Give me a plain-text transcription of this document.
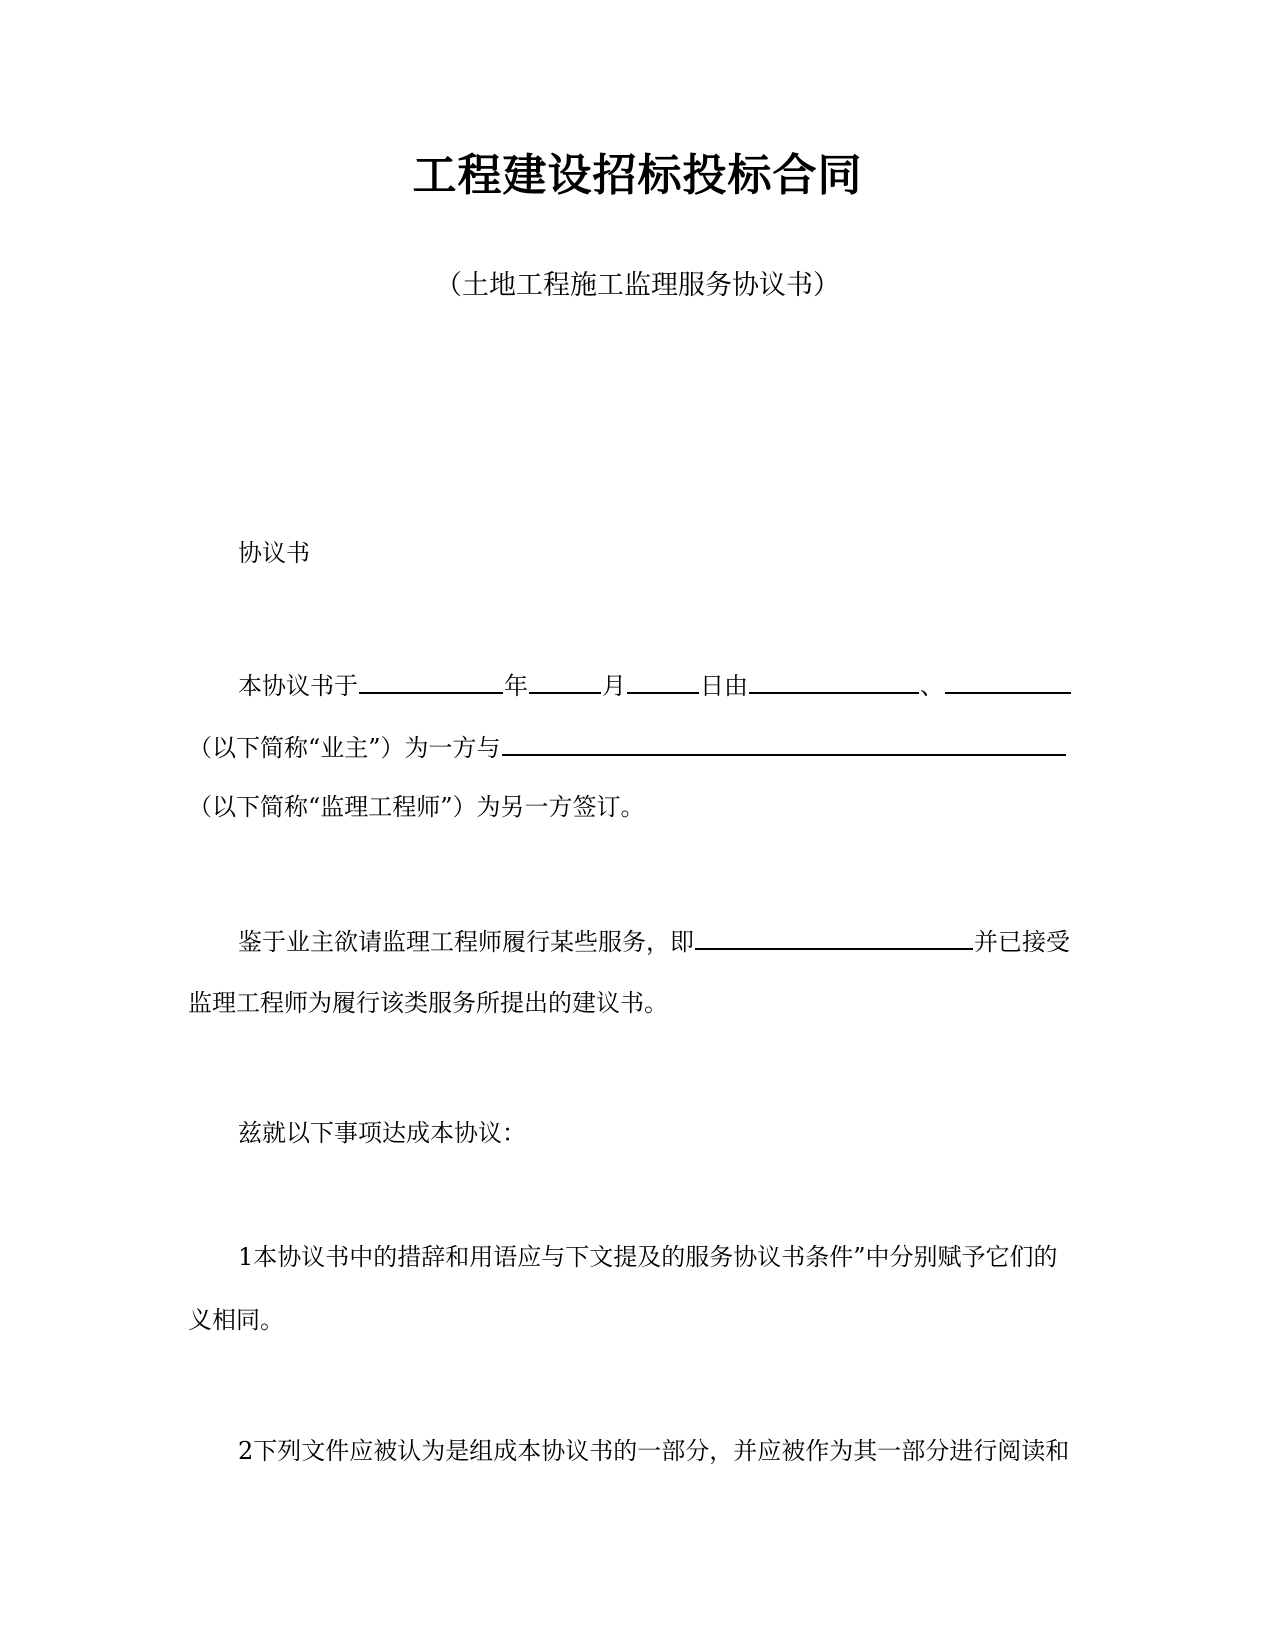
工程建设招标投标合同
（土地工程施工监理服务协议书）
协议书
本协议书于	年	月	日由	、
（以下简称“业主”）为一方与
（以下简称“监理工程师”）为另一方签订。
鉴于业主欲请监理工程师履行某些服务，即	并已接受
监理工程师为履行该类服务所提出的建议书。
兹就以下事项达成本协议：
1本协议书中的措辞和用语应与下文提及的服务协议书条件”中分别赋予它们的
义相同。
2下列文件应被认为是组成本协议书的一部分，并应被作为其一部分进行阅读和
